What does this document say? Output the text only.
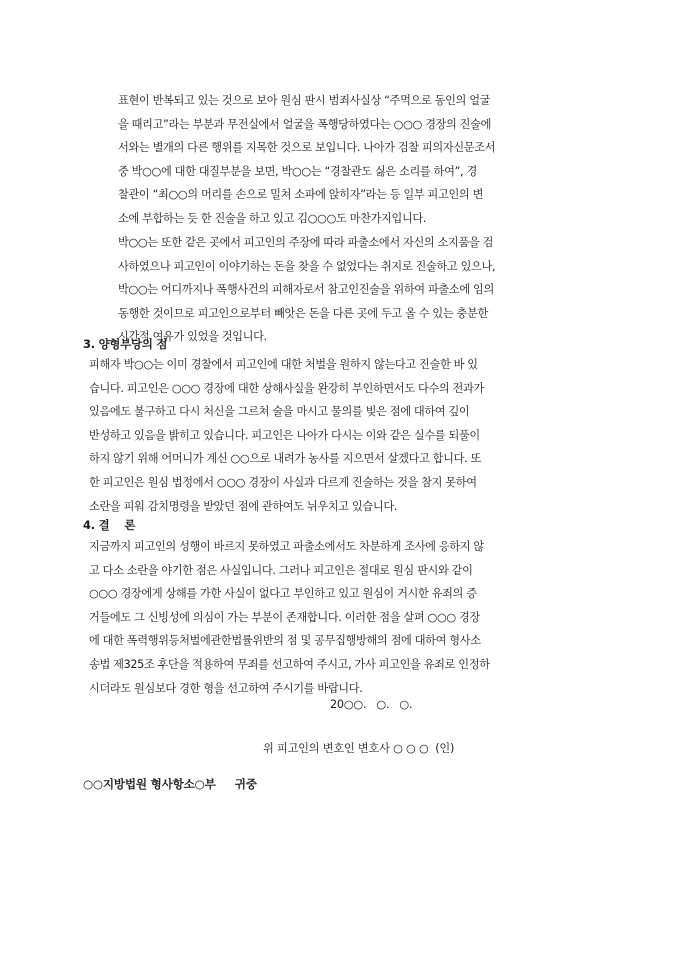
표현이 반복되고 있는 것으로 보아 원심 판시 범죄사실상 “주먹으로 동인의 얼굴
을 때리고”라는 부분과 무전실에서 얼굴을 폭행당하였다는 ○○○ 경장의 진술에
서와는 별개의 다른 행위를 지목한 것으로 보입니다. 나아가 검찰 피의자신문조서
중 박○○에 대한 대질부분을 보면, 박○○는 “경찰관도 싫은 소리를 하여”, 경
찰관이 “최○○의 머리를 손으로 밀쳐 소파에 앉히자”라는 등 일부 피고인의 변
소에 부합하는 듯 한 진술을 하고 있고 김○○○도 마찬가지입니다.
박○○는 또한 같은 곳에서 피고인의 주장에 따라 파출소에서 자신의 소지품을 검
사하였으나 피고인이 이야기하는 돈을 찾을 수 없었다는 취지로 진술하고 있으나,
박○○는 어디까지나 폭행사건의 피해자로서 참고인진술을 위하여 파출소에 임의
동행한 것이므로 피고인으로부터 빼앗은 돈을 다른 곳에 두고 올 수 있는 충분한
시간적 여유가 있었을 것입니다.
3. 양형부당의 점
피해자 박○○는 이미 경찰에서 피고인에 대한 처벌을 원하지 않는다고 진술한 바 있
습니다. 피고인은 ○○○ 경장에 대한 상해사실을 완강히 부인하면서도 다수의 전과가
있음에도 불구하고 다시 처신을 그르쳐 술을 마시고 물의를 빚은 점에 대하여 깊이
반성하고 있음을 밝히고 있습니다. 피고인은 나아가 다시는 이와 같은 실수를 되풀이
하지 않기 위해 어머니가 계신 ○○으로 내려가 농사를 지으면서 살겠다고 합니다. 또
한 피고인은 원심 법정에서 ○○○ 경장이 사실과 다르게 진술하는 것을 참지 못하여
소란을 피워 감치명령을 받았던 점에 관하여도 뉘우치고 있습니다.
4. 결    론
지금까지 피고인의 성행이 바르지 못하였고 파출소에서도 차분하게 조사에 응하지 않
고 다소 소란을 야기한 점은 사실입니다. 그러나 피고인은 절대로 원심 판시와 같이
○○○ 경장에게 상해를 가한 사실이 없다고 부인하고 있고 원심이 거시한 유죄의 증
거들에도 그 신빙성에 의심이 가는 부분이 존재합니다. 이러한 점을 살펴 ○○○ 경장
에 대한 폭력행위등처벌에관한법률위반의 점 및 공무집행방해의 점에 대하여 형사소
송법 제325조 후단을 적용하여 무죄를 선고하여 주시고, 가사 피고인을 유죄로 인정하
시더라도 원심보다 경한 형을 선고하여 주시기를 바랍니다.
20○○.   ○.   ○.
위 피고인의 변호인 변호사 ○ ○ ○  (인)
○○지방법원 형사항소○부     귀중
